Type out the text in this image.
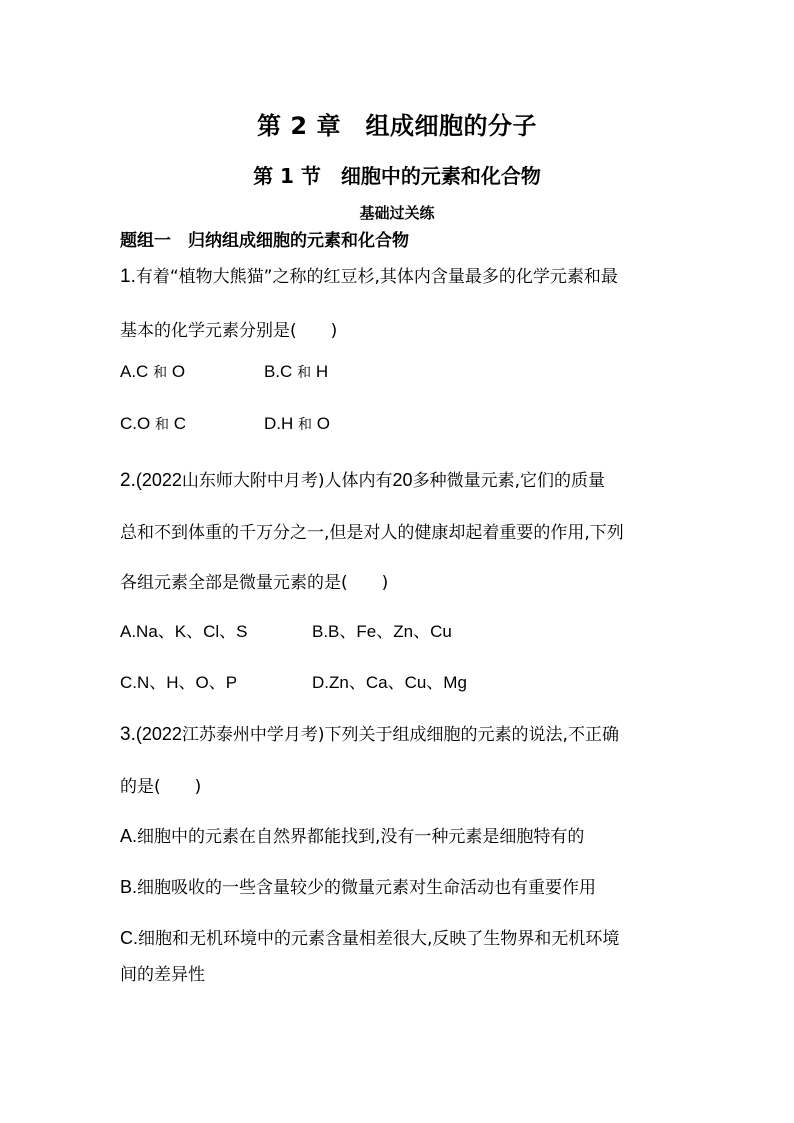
第 2 章　组成细胞的分子
第 1 节　细胞中的元素和化合物
基础过关练
题组一　归纳组成细胞的元素和化合物
1.有着“植物大熊猫”之称的红豆杉,其体内含量最多的化学元素和最
基本的化学元素分别是(　　)
A.C 和 O	B.C 和 H
C.O 和 C	D.H 和 O
2.(2022山东师大附中月考)人体内有20多种微量元素,它们的质量
总和不到体重的千万分之一,但是对人的健康却起着重要的作用,下列
各组元素全部是微量元素的是(　　)
A.Na、K、Cl、S	B.B、Fe、Zn、Cu
C.N、H、O、P	D.Zn、Ca、Cu、Mg
3.(2022江苏泰州中学月考)下列关于组成细胞的元素的说法,不正确
的是(　　)
A.细胞中的元素在自然界都能找到,没有一种元素是细胞特有的
B.细胞吸收的一些含量较少的微量元素对生命活动也有重要作用
C.细胞和无机环境中的元素含量相差很大,反映了生物界和无机环境
间的差异性
